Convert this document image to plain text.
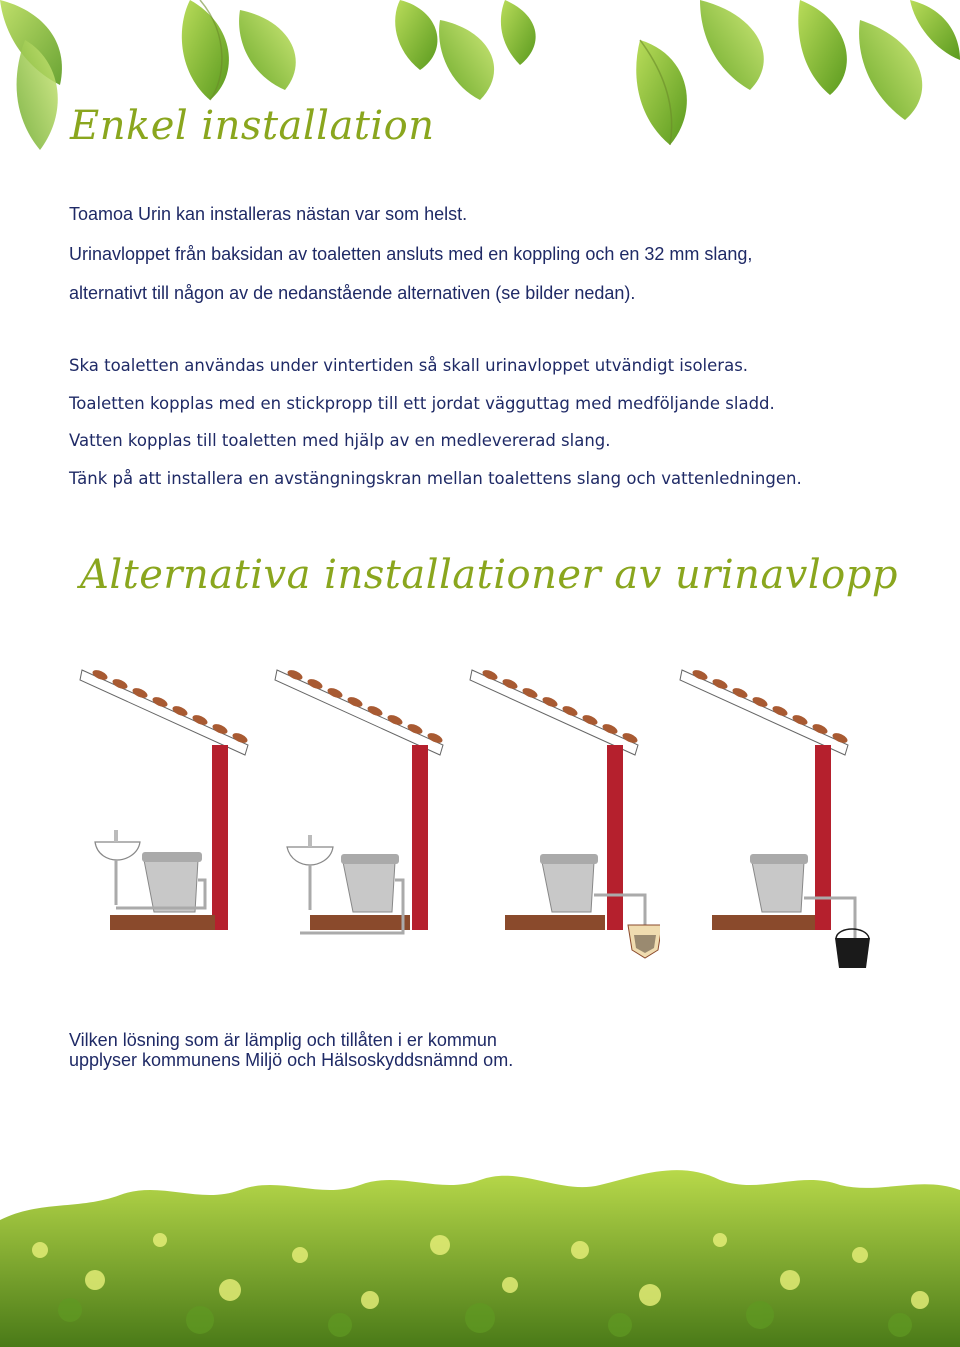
Enkel installation

Toamoa Urin kan installeras nästan var som helst.

Urinavloppet från baksidan av toaletten ansluts med en koppling och en 32 mm slang,

alternativt till någon av de nedanstående alternativen (se bilder nedan).

Ska toaletten användas under vintertiden så skall urinavloppet utvändigt isoleras.

Toaletten kopplas med en stickpropp till ett jordat vägguttag med medföljande sladd.

Vatten kopplas till toaletten med hjälp av en medlevererad slang.

Tänk på att installera en avstängningskran mellan toalettens slang och vattenledningen.

Alternativa installationer av urinavlopp

Vilken lösning som är lämplig och tillåten i er kommun

upplyser kommunens Miljö och Hälsoskyddsnämnd om.
